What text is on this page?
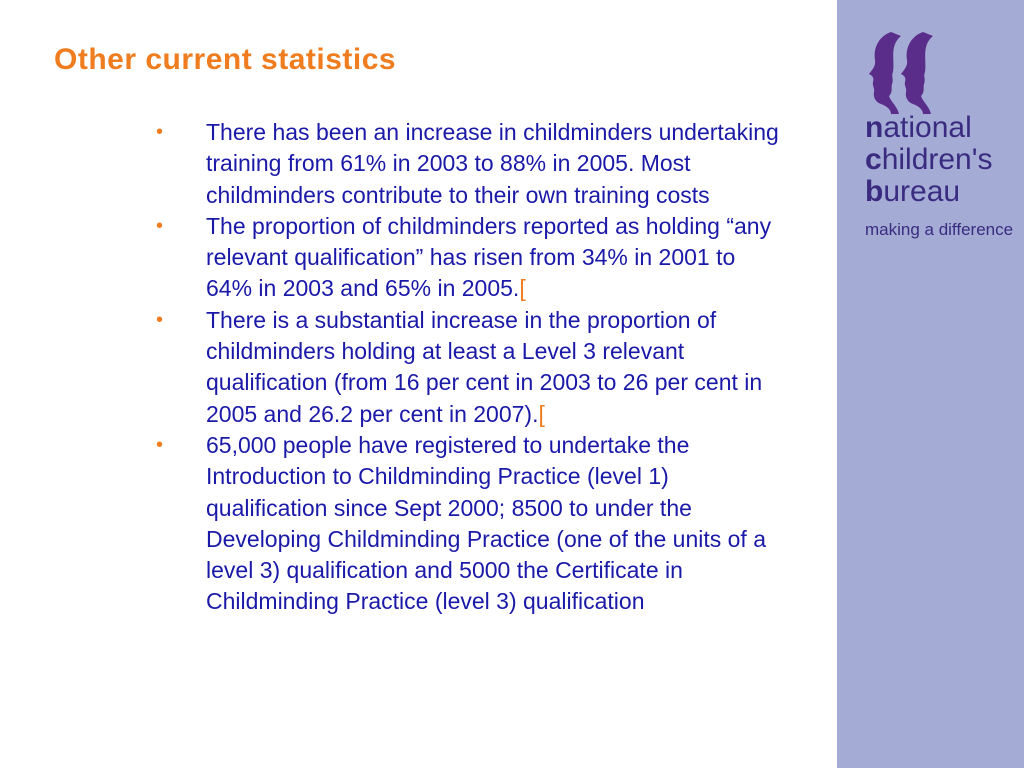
Other current statistics
• There has been an increase in childminders undertaking training from 61% in 2003 to 88% in 2005. Most childminders contribute to their own training costs
• The proportion of childminders reported as holding “any relevant qualification” has risen from 34% in 2001 to 64% in 2003 and 65% in 2005.[
• There is a substantial increase in the proportion of childminders holding at least a Level 3 relevant qualification (from 16 per cent in 2003 to 26 per cent in 2005 and 26.2 per cent in 2007).[
• 65,000 people have registered to undertake the Introduction to Childminding Practice (level 1) qualification since Sept 2000; 8500 to under the Developing Childminding Practice (one of the units of a level 3) qualification and 5000 the Certificate in Childminding Practice (level 3) qualification
national
children's
bureau
making a difference
